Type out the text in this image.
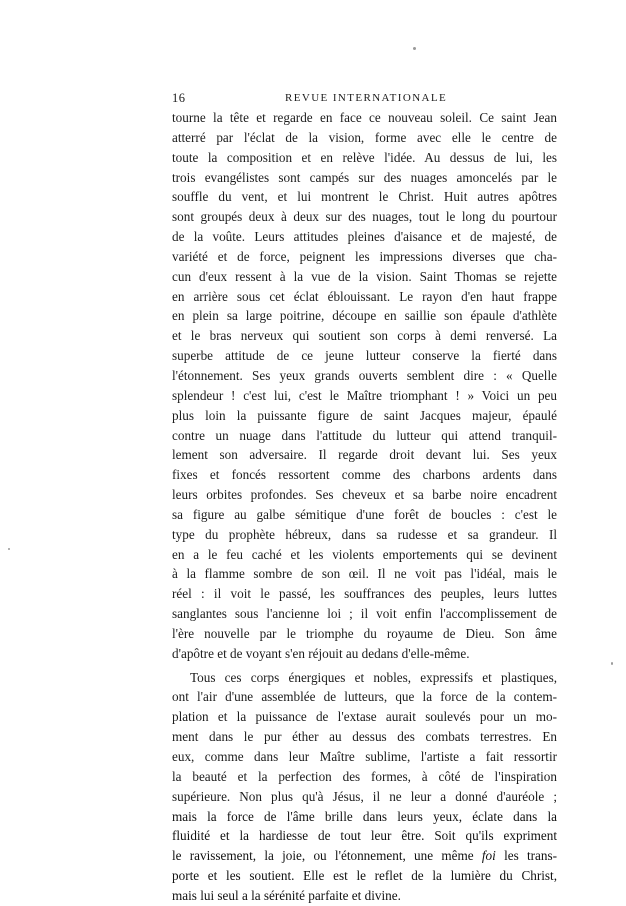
16	REVUE INTERNATIONALE
tourne la tête et regarde en face ce nouveau soleil. Ce saint Jean
atterré par l'éclat de la vision, forme avec elle le centre de
toute la composition et en relève l'idée. Au dessus de lui, les
trois evangélistes sont campés sur des nuages amoncelés par le
souffle du vent, et lui montrent le Christ. Huit autres apôtres
sont groupés deux à deux sur des nuages, tout le long du pourtour
de la voûte. Leurs attitudes pleines d'aisance et de majesté, de
variété et de force, peignent les impressions diverses que cha-
cun d'eux ressent à la vue de la vision. Saint Thomas se rejette
en arrière sous cet éclat éblouissant. Le rayon d'en haut frappe
en plein sa large poitrine, découpe en saillie son épaule d'athlète
et le bras nerveux qui soutient son corps à demi renversé. La
superbe attitude de ce jeune lutteur conserve la fierté dans
l'étonnement. Ses yeux grands ouverts semblent dire : « Quelle
splendeur ! c'est lui, c'est le Maître triomphant ! » Voici un peu
plus loin la puissante figure de saint Jacques majeur, épaulé
contre un nuage dans l'attitude du lutteur qui attend tranquil-
lement son adversaire. Il regarde droit devant lui. Ses yeux
fixes et foncés ressortent comme des charbons ardents dans
leurs orbites profondes. Ses cheveux et sa barbe noire encadrent
sa figure au galbe sémitique d'une forêt de boucles : c'est le
type du prophète hébreux, dans sa rudesse et sa grandeur. Il
en a le feu caché et les violents emportements qui se devinent
à la flamme sombre de son œil. Il ne voit pas l'idéal, mais le
réel : il voit le passé, les souffrances des peuples, leurs luttes
sanglantes sous l'ancienne loi ; il voit enfin l'accomplissement de
l'ère nouvelle par le triomphe du royaume de Dieu. Son âme
d'apôtre et de voyant s'en réjouit au dedans d'elle-même.
Tous ces corps énergiques et nobles, expressifs et plastiques,
ont l'air d'une assemblée de lutteurs, que la force de la contem-
plation et la puissance de l'extase aurait soulevés pour un mo-
ment dans le pur éther au dessus des combats terrestres. En
eux, comme dans leur Maître sublime, l'artiste a fait ressortir
la beauté et la perfection des formes, à côté de l'inspiration
supérieure. Non plus qu'à Jésus, il ne leur a donné d'auréole ;
mais la force de l'âme brille dans leurs yeux, éclate dans la
fluidité et la hardiesse de tout leur être. Soit qu'ils expriment
le ravissement, la joie, ou l'étonnement, une même foi les trans-
porte et les soutient. Elle est le reflet de la lumière du Christ,
mais lui seul a la sérénité parfaite et divine.
